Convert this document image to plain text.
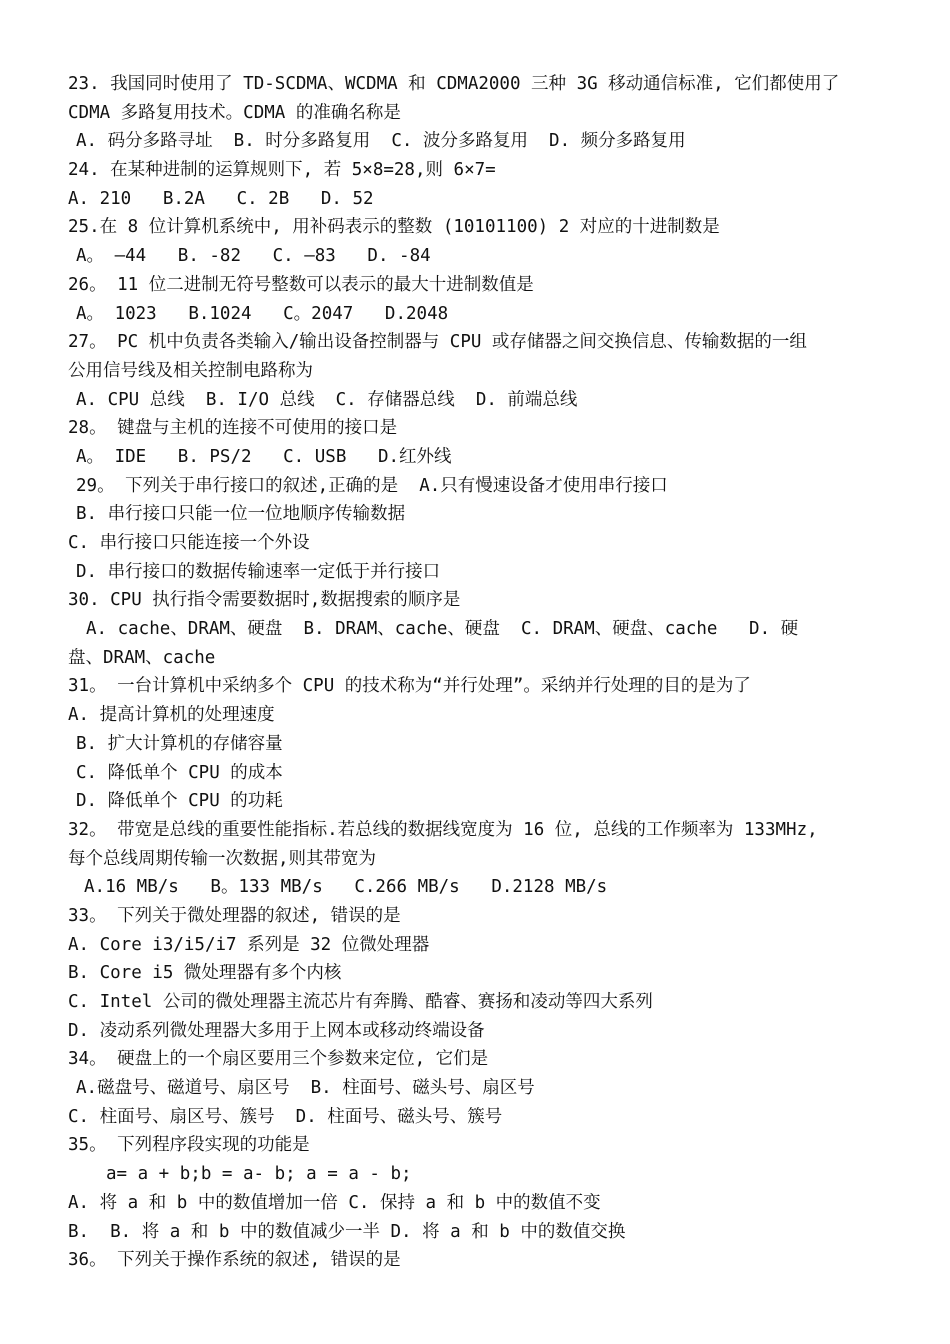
23. 我国同时使用了 TD-SCDMA、WCDMA 和 CDMA2000 三种 3G 移动通信标准, 它们都使用了
CDMA 多路复用技术。CDMA 的准确名称是
A. 码分多路寻址  B. 时分多路复用  C. 波分多路复用  D. 频分多路复用
24. 在某种进制的运算规则下, 若 5×8=28,则 6×7=
A. 210   B.2A   C. 2B   D. 52
25.在 8 位计算机系统中, 用补码表示的整数 (10101100) 2 对应的十进制数是
A。 —44   B. -82   C. —83   D. -84
26。 11 位二进制无符号整数可以表示的最大十进制数值是
A。 1023   B.1024   C。2047   D.2048
27。 PC 机中负责各类输入/输出设备控制器与 CPU 或存储器之间交换信息、传输数据的一组
公用信号线及相关控制电路称为
A. CPU 总线  B. I/O 总线  C. 存储器总线  D. 前端总线
28。 键盘与主机的连接不可使用的接口是
A。 IDE   B. PS/2   C. USB   D.红外线
29。 下列关于串行接口的叙述,正确的是  A.只有慢速设备才使用串行接口
B. 串行接口只能一位一位地顺序传输数据
C. 串行接口只能连接一个外设
D. 串行接口的数据传输速率一定低于并行接口
30. CPU 执行指令需要数据时,数据搜索的顺序是
A. cache、DRAM、硬盘  B. DRAM、cache、硬盘  C. DRAM、硬盘、cache   D. 硬
盘、DRAM、cache
31。 一台计算机中采纳多个 CPU 的技术称为“并行处理”。采纳并行处理的目的是为了
A. 提高计算机的处理速度
B. 扩大计算机的存储容量
C. 降低单个 CPU 的成本
D. 降低单个 CPU 的功耗
32。 带宽是总线的重要性能指标.若总线的数据线宽度为 16 位, 总线的工作频率为 133MHz,
每个总线周期传输一次数据,则其带宽为
A.16 MB/s   B。133 MB/s   C.266 MB/s   D.2128 MB/s
33。 下列关于微处理器的叙述, 错误的是
A. Core i3/i5/i7 系列是 32 位微处理器
B. Core i5 微处理器有多个内核
C. Intel 公司的微处理器主流芯片有奔腾、酷睿、赛扬和凌动等四大系列
D. 凌动系列微处理器大多用于上网本或移动终端设备
34。 硬盘上的一个扇区要用三个参数来定位, 它们是
A.磁盘号、磁道号、扇区号  B. 柱面号、磁头号、扇区号
C. 柱面号、扇区号、簇号  D. 柱面号、磁头号、簇号
35。 下列程序段实现的功能是
a= a + b;b = a- b; a = a - b;
A. 将 a 和 b 中的数值增加一倍 C. 保持 a 和 b 中的数值不变
B.  B. 将 a 和 b 中的数值减少一半 D. 将 a 和 b 中的数值交换
36。 下列关于操作系统的叙述, 错误的是
